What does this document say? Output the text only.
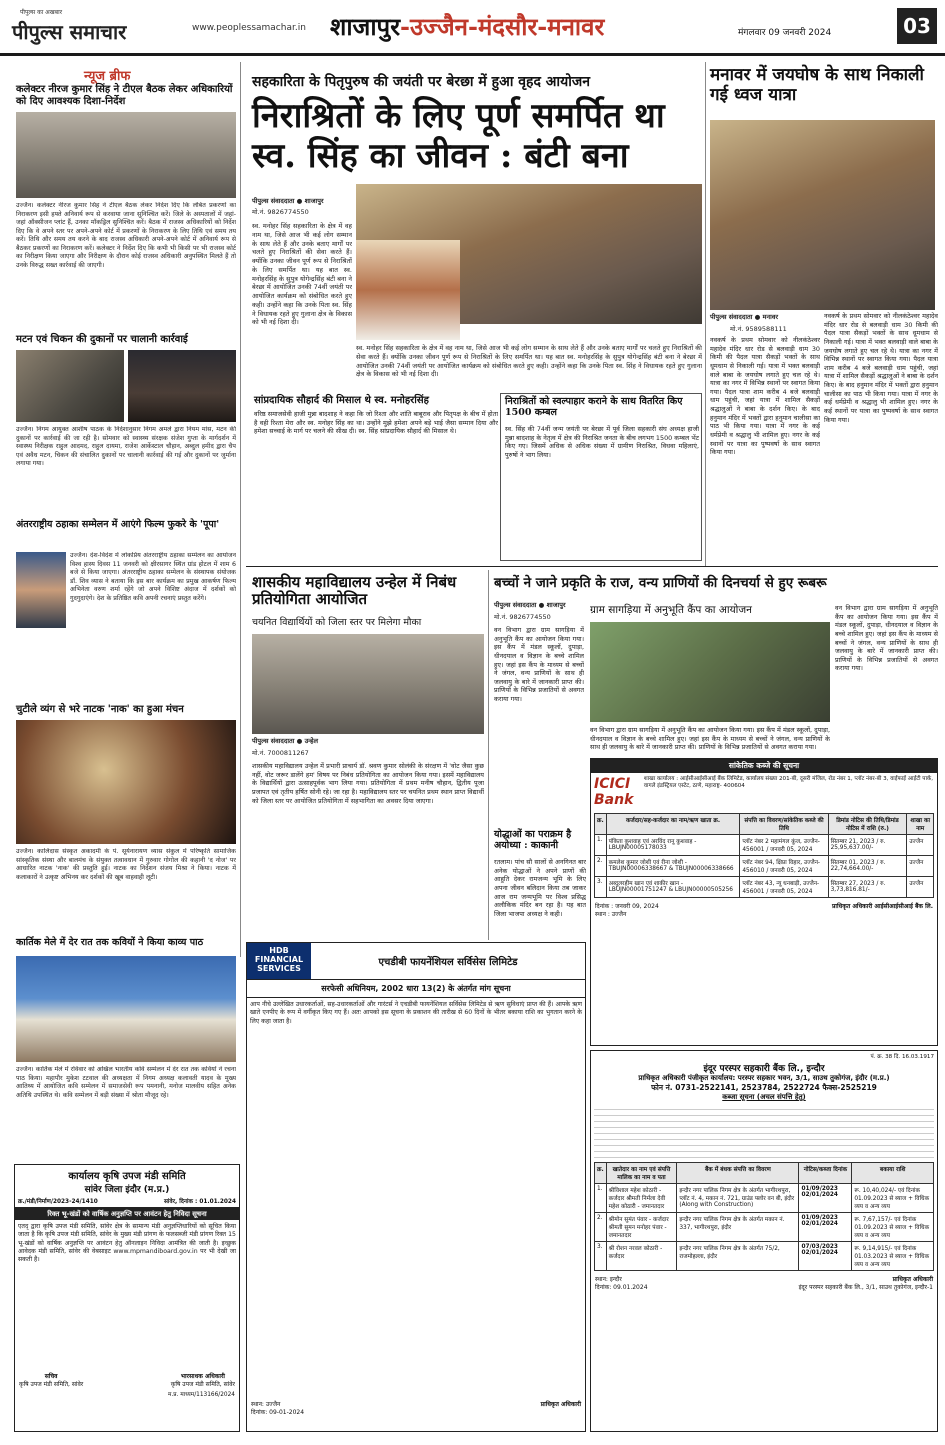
पीपुल्स का अखबार
पीपुल्स समाचार	www.peoplessamachar.in शाजापुर-उज्जैन-मंदसौर-मनावर	मंगलवार 09 जनवरी 2024	03
न्यूज ब्रीफ
कलेक्टर नीरज कुमार सिंह ने टीएल बैठक लेकर अधिकारियों को दिए आवश्यक दिशा-निर्देश
उज्जैन। कलेक्टर नीरज कुमार सिंह ने टीएल बैठक लेकर निर्देश दिए कि लंबित प्रकरणों का निराकरण इसी हफ्ते अनिवार्य रूप से करवाया जाना सुनिश्चित करें। जिले के अस्पतालों में जहां-जहां ऑक्सीजन प्लांट हैं, उनका मॉकड्रिल सुनिश्चित करें। बैठक में राजस्व अधिकारियों को निर्देश दिए कि वे अपने स्तर पर अपने-अपने कोर्ट में प्रकरणों के निराकरण के लिए तिथि एवं समय तय करें। तिथि और समय तय करने के बाद राजस्व अधिकारी अपने-अपने कोर्ट में अनिवार्य रूप से बैठकर प्रकरणों का निराकरण करें। कलेक्टर ने निर्देश दिए कि कभी भी किसी पर भी राजस्व कोर्ट का निरीक्षण किया जाएगा और निरीक्षण के दौरान कोई राजस्व अधिकारी अनुपस्थित मिलते हैं तो उनके विरुद्ध सख्त कार्रवाई की जाएगी।
मटन एवं चिकन की दुकानों पर चालानी कार्रवाई
उज्जैन। निगम आयुक्त आशीष पाठक के निर्देशानुसार निगम अमले द्वारा नियम मांस, मटन की दुकानों पर कार्रवाई की जा रही है। सोमवार को स्वास्थ्य संरक्षक संजेश गुप्ता के मार्गदर्शन में स्वास्थ्य निरीक्षक राहुल आदमद, राहुल दायमा, राजेश आर्केस्टाल चौहान, अब्दुल हमीद द्वारा चैप एवं अवैध मटन, चिकन की संचालित दुकानों पर चालानी कार्रवाई की गई और दुकानों पर जुर्माना लगाया गया।
अंतरराष्ट्रीय ठहाका सम्मेलन में आएंगे फिल्म फुकरे के 'पूपा'
उज्जैन। देश-विदेश में लोकप्रिय अंतरराष्ट्रीय ठहाका सम्मेलन का आयोजन विश्व हास्य दिवस 11 जनवरी को क्षीरसागर स्थित ग्रांड होटल में शाम 6 बजे से किया जाएगा। अंतरराष्ट्रीय ठहाका सम्मेलन के संस्थापक संयोजक डॉ. शिव व्यास ने बताया कि इस बार कार्यक्रम का प्रमुख आकर्षण फिल्म अभिनेता वरुण शर्मा रहेंगे जो अपने विशिष्ट अंदाज में दर्शकों को गुदगुदाएंगे। देश के प्रतिष्ठित कवि अपनी रचनाएं प्रस्तुत करेंगे।
चुटीले व्यंग से भरे नाटक 'नाक' का हुआ मंचन
उज्जैन। कालिदास संस्कृत अकादमी के पं. सूर्यनारायण व्यास संकुल में परिष्कृति सामाजिक सांस्कृतिक संस्था और बालमंच के संयुक्त तत्वावधान में गुरुवार गोगोल की कहानी 'द नोज' पर आधारित नाटक 'नाक' की प्रस्तुति हुई। नाटक का निर्देशन संजय मिश्रा ने किया। नाटक में कलाकारों ने उत्कृष्ट अभिनय कर दर्शकों की खूब वाहवाही लूटी।
कार्तिक मेले में देर रात तक कवियों ने किया काव्य पाठ
उज्जैन। कार्तिक मेले में रविवार को अखिल भारतीय कवि सम्मेलन में देर रात तक कवियों ने रचना पाठ किया। महापौर मुकेश टटवाल की अध्यक्षता में निगम अध्यक्ष कलावती यादव के मुख्य आतिथ्य में आयोजित कवि सम्मेलन में समाजसेवी रूप पमनानी, मनोज मालवीय सहित अनेक अतिथि उपस्थित थे। कवि सम्मेलन में बड़ी संख्या में श्रोता मौजूद रहे।
सहकारिता के पितृपुरुष की जयंती पर बेरछा में हुआ वृहद आयोजन
निराश्रितों के लिए पूर्ण समर्पित था स्व. सिंह का जीवन : बंटी बना
पीपुल्स संवाददाता ● शाजापुर
मो.नं. 9826774550
स्व. मनोहर सिंह सहकारिता के क्षेत्र में वह नाम था, जिसे आज भी कई लोग सम्मान के साथ लेते हैं और उनके बताए मार्गों पर चलते हुए निराश्रितों की सेवा करते हैं। क्योंकि उनका जीवन पूर्ण रूप से निराश्रितों के लिए समर्पित था। यह बात स्व. मनोहरसिंह के सुपुत्र योगेन्द्रसिंह बंटी बना ने बेरछा में आयोजित उनकी 74वीं जयंती पर आयोजित कार्यक्रम को संबोधित करते हुए कही। उन्होंने कहा कि उनके पिता स्व. सिंह ने विधायक रहते हुए गुलाना क्षेत्र के विकास को भी नई दिशा दी।
स्व. मनोहर सिंह सहकारिता के क्षेत्र में वह नाम था, जिसे आज भी कई लोग सम्मान के साथ लेते हैं और उनके बताए मार्गों पर चलते हुए निराश्रितों की सेवा करते हैं। क्योंकि उनका जीवन पूर्ण रूप से निराश्रितों के लिए समर्पित था। यह बात स्व. मनोहरसिंह के सुपुत्र योगेन्द्रसिंह बंटी बना ने बेरछा में आयोजित उनकी 74वीं जयंती पर आयोजित कार्यक्रम को संबोधित करते हुए कही। उन्होंने कहा कि उनके पिता स्व. सिंह ने विधायक रहते हुए गुलाना क्षेत्र के विकास को भी नई दिशा दी।
सांप्रदायिक सौहार्द की मिसाल थे स्व. मनोहरसिंह
वरिष्ठ समाजसेवी हाजी मुन्ना बादशाह ने कहा कि जो रिश्ता और शांति बाबूराव और पितृपक्ष के बीच में होता है वही रिश्ता मेरा और स्व. मनोहर सिंह का था। उन्होंने मुझे हमेशा अपने बड़े भाई जैसा सम्मान दिया और हमेशा सच्चाई के मार्ग पर चलने की सीख दी। स्व. सिंह सांप्रदायिक सौहार्द की मिसाल थे।
निराश्रितों को स्वल्पाहार कराने के साथ वितरित किए 1500 कम्बल
स्व. सिंह की 74वीं जन्म जयंती पर बेरछा में पूर्व जिला सहकारी संघ अध्यक्ष हाजी मुन्ना बादशाह के नेतृत्व में क्षेत्र की निराश्रित जनता के बीच लगभग 1500 कम्बल भेंट किए गए। जिसमें अधिक से अधिक संख्या में ग्रामीण निराश्रित, विधवा महिलाएं, पुरुषों ने भाग लिया।
मनावर में जयघोष के साथ निकाली गई ध्वज यात्रा
पीपुल्स संवाददाता ● मनावर
मो.नं. 9589588111
नवकर्ष के प्रथम सोमवार को नीलकंठेश्वर महादेव मंदिर धार रोड से बलवाड़ी धाम 30 किमी की पैदल यात्रा सैकड़ों भक्तों के साथ धूमधाम से निकाली गई। यात्रा में भक्त बलवाड़ी वाले बाबा के जयघोष लगाते हुए चल रहे थे। यात्रा का नगर में विभिन्न स्थानों पर स्वागत किया गया। पैदल यात्रा शाम करीब 4 बजे बलवाड़ी धाम पहुंची, जहां यात्रा में शामिल सैकड़ों श्रद्धालुओं ने बाबा के दर्शन किए। के बाद हनुमान मंदिर में भक्तों द्वारा हनुमान चालीसा का पाठ भी किया गया। यात्रा में नगर के कई धर्मप्रेमी व श्रद्धालु भी शामिल हुए। नगर के कई स्थानों पर यात्रा का पुष्पवर्षा के साथ स्वागत किया गया।
नवकर्ष के प्रथम सोमवार को नीलकंठेश्वर महादेव मंदिर धार रोड से बलवाड़ी धाम 30 किमी की पैदल यात्रा सैकड़ों भक्तों के साथ धूमधाम से निकाली गई। यात्रा में भक्त बलवाड़ी वाले बाबा के जयघोष लगाते हुए चल रहे थे। यात्रा का नगर में विभिन्न स्थानों पर स्वागत किया गया। पैदल यात्रा शाम करीब 4 बजे बलवाड़ी धाम पहुंची, जहां यात्रा में शामिल सैकड़ों श्रद्धालुओं ने बाबा के दर्शन किए। के बाद हनुमान मंदिर में भक्तों द्वारा हनुमान चालीसा का पाठ भी किया गया। यात्रा में नगर के कई धर्मप्रेमी व श्रद्धालु भी शामिल हुए। नगर के कई स्थानों पर यात्रा का पुष्पवर्षा के साथ स्वागत किया गया।
शासकीय महाविद्यालय उन्हेल में निबंध प्रतियोगिता आयोजित
चयनित विद्यार्थियों को जिला स्तर पर मिलेगा मौका
पीपुल्स संवाददाता ● उन्हेल
मो.नं. 7000811267
शासकीय महाविद्यालय उन्हेल में प्रभारी प्राचार्य डॉ. श्रवण कुमार सोलंकी के संरक्षण में 'वोट जैसा कुछ नहीं, वोट जरूर डालेंगे हम' विषय पर निबंध प्रतियोगिता का आयोजन किया गया। इसमें महाविद्यालय के विद्यार्थियों द्वारा उत्साहपूर्वक भाग लिया गया। प्रतियोगिता में प्रथम मनीष चौहान, द्वितीय पूजा प्रजापत एवं तृतीय हर्षित सोनी रहे। जा रहा है। महाविद्यालय स्तर पर चयनित प्रथम स्थान प्राप्त विद्यार्थी को जिला स्तर पर आयोजित प्रतियोगिता में सहभागिता का अवसर दिया जाएगा।
बच्चों ने जाने प्रकृति के राज, वन्य प्राणियों की दिनचर्या से हुए रूबरू
पीपुल्स संवाददाता ● शाजापुर
मो.नं. 9826774550
ग्राम सागड़िया में अनुभूति कैंप का आयोजन
वन विभाग द्वारा ग्राम सागड़िया में अनुभूति कैंप का आयोजन किया गया। इस कैंप में मंडल स्कूलों, दुपाड़ा, धीनदयाल व विज्ञान के बच्चे शामिल हुए। जहां इस कैंप के माध्यम से बच्चों ने जंगल, वन्य प्राणियों के साथ ही जलवायु के बारे में जानकारी प्राप्त की। प्राणियों के विभिन्न प्रजातियों से अवगत कराया गया।
वन विभाग द्वारा ग्राम सागड़िया में अनुभूति कैंप का आयोजन किया गया। इस कैंप में मंडल स्कूलों, दुपाड़ा, धीनदयाल व विज्ञान के बच्चे शामिल हुए। जहां इस कैंप के माध्यम से बच्चों ने जंगल, वन्य प्राणियों के साथ ही जलवायु के बारे में जानकारी प्राप्त की। प्राणियों के विभिन्न प्रजातियों से अवगत कराया गया।
वन विभाग द्वारा ग्राम सागड़िया में अनुभूति कैंप का आयोजन किया गया। इस कैंप में मंडल स्कूलों, दुपाड़ा, धीनदयाल व विज्ञान के बच्चे शामिल हुए। जहां इस कैंप के माध्यम से बच्चों ने जंगल, वन्य प्राणियों के साथ ही जलवायु के बारे में जानकारी प्राप्त की। प्राणियों के विभिन्न प्रजातियों से अवगत कराया गया।
योद्धाओं का पराक्रम है अयोध्या : काकानी
रतलाम। पांच सौ सालों से अनगिनत बार अनेक योद्धाओं ने अपने प्राणों की आहुति देकर रामजन्म भूमि के लिए अपना जीवन बलिदान किया तब जाकर आज राम जन्मभूमि पर विश्व प्रसिद्ध अलौकिक मंदिर बन रहा है। यह बात जिला भाजपा अध्यक्ष ने कही।
सांकेतिक कब्जे की सूचना
ICICI Bank
शाखा कार्यालय : आईसीआईसीआई बैंक लिमिटेड, कार्यालय संख्या 201-बी, दूसरी मंजिल, रोड नंबर 1, प्लॉट नंबर-बी 3, वाईफाई आईटी पार्क, वागले इंडस्ट्रियल एस्टेट, ठाणे, महाराष्ट्र- 400604
क्र.	कर्जदार/सह-कर्जदार का नाम/ऋण खाता क्र.	संपत्ति का विवरण/सांकेतिक कब्जे की तिथि	डिमांड नोटिस की तिथि/डिमांड नोटिस में राशि (रु.)	शाखा का नाम
1.	पंकिता कुशवाह एवं अरविंद रानू कुशवाह - LBUJN00005178033	प्लॉट नंबर 2 महामंगल कुंज, उज्जैन- 456001 / जनवरी 05, 2024	सितम्बर 21, 2023 / रु. 25,95,637.00/-	उज्जैन
2.	कमलेश कुमार जोशी एवं रीना जोशी - TBUJN00006338667 & TBUJN00006338666	प्लॉट नंबर 94, क्षिप्रा विहार, उज्जैन- 456010 / जनवरी 05, 2024	सितम्बर 01, 2023 / रु. 22,74,664.00/-	उज्जैन
3.	अब्दुलरहीम खान एवं शाकीर खान - LBUJN00001751247 & LBUJN00000505256	प्लॉट नंबर 43, न्यू धनबाड़ी, उज्जैन- 456001 / जनवरी 05, 2024	सितम्बर 27, 2023 / रु. 3,73,816.81/-	उज्जैन
दिनांक : जनवरी 09, 2024
स्थान : उज्जैन
प्राधिकृत अधिकारी आईसीआईसीआई बैंक लि.
HDB FINANCIAL SERVICES
एचडीबी फायनेंशियल सर्विसेस लिमिटेड
सरफेसी अधिनियम, 2002 धारा 13(2) के अंतर्गत मांग सूचना
आप नीचे उल्लेखित उधारकर्ताओं, सह-उधारकर्ताओं और गारंटर्स ने एचडीबी फायनेंशियल सर्विसेस लिमिटेड से ऋण सुविधाएं प्राप्त की हैं। आपके ऋण खाते एनपीए के रूप में वर्गीकृत किए गए हैं। अतः आपको इस सूचना के प्रकाशन की तारीख से 60 दिनों के भीतर बकाया राशि का भुगतान करने के लिए कहा जाता है।
स्थान: उज्जैन
दिनांक: 09-01-2024
प्राधिकृत अधिकारी
कार्यालय कृषि उपज मंडी समिति
सांवेर जिला इंदौर (म.प्र.)
क्र./मंडी/निर्माण/2023-24/1410	सांवेर, दिनांक : 01.01.2024
रिक्त भू-खंडों को वार्षिक अनुज्ञप्ति पर आवंटन हेतु निविदा सूचना
एतद् द्वारा कृषि उपज मंडी समिति, सांवेर क्षेत्र के सामान्य मंडी अनुज्ञप्तिधारियों को सूचित किया जाता है कि कृषि उपज मंडी समिति, सांवेर के मुख्य मंडी प्रांगण के फलसब्जी मंडी प्रांगण रिक्त 15 भू-खंडों को वार्षिक अनुज्ञप्ति पर आवंटन हेतु ऑनलाइन निविदा आमंत्रित की जाती है। इच्छुक आवेदक मंडी समिति, सांवेर की वेबसाइट www.mpmandiboard.gov.in पर भी देखी जा सकती है।
सचिव
कृषि उपज मंडी समिति, सांवेर
भारसाधक अधिकारी
कृषि उपज मंडी समिति, सांवेर
म.प्र. माध्यम/113166/2024
पं. क्र. 38 दि. 16.03.1917
इंदूर परस्पर सहकारी बैंक लि., इन्दौर
प्राधिकृत अधिकारी पंजीकृत कार्यालय: परस्पर सहकार भवन, 3/1, साउथ तुकोगंज, इंदौर (म.प्र.)
फोन नं. 0731-2522141, 2523784, 2522724 फैक्स-2525219
कब्जा सूचना (अचल संपत्ति हेतु)
क्र.	खातेदार का नाम एवं संपत्ति मालिक का नाम व पता	बैंक में बंधक संपत्ति का विवरण	नोटिस/कब्जा दिनांक	बकाया राशि
1.	श्रीविशाल महेश कोठारी - कर्जदार श्रीमती निर्मला देवी महेश कोठारी - जमानतदार	इन्दौर नगर पालिक निगम क्षेत्र के अंतर्गत भागीरथपुरा, प्लॉट नं. 4, मकान नं. 721, ग्राउंड फ्लोर वन बी, इंदौर (Along with Construction)	01/09/2023 02/01/2024	रू. 10,40,024/- एवं दिनांक 01.09.2023 से ब्याज + विधिक व्यय व अन्य व्यय
2.	श्रीमोन सुमंत पंवार - कर्जदार श्रीमती सुमन मनोहर पंवार - जमानतदार	इन्दौर नगर पालिक निगम क्षेत्र के अंतर्गत मकान नं. 337, भागीरथपुरा, इंदौर	01/09/2023 02/01/2024	रू. 7,67,157/- एवं दिनांक 01.09.2023 से ब्याज + विधिक व्यय व अन्य व्यय
3.	श्री रोशन नरवल कोठारी - कर्जदार	इन्दौर नगर पालिक निगम क्षेत्र के अंतर्गत 75/2, राजमोहल्ला, इंदौर	07/03/2023 02/01/2024	रू. 9,14,915/- एवं दिनांक 01.03.2023 से ब्याज + विधिक व्यय व अन्य व्यय
स्थान: इन्दौर
दिनांक: 09.01.2024
प्राधिकृत अधिकारी
इंदूर परस्पर सहकारी बैंक लि., 3/1, साउथ तुकोगंज, इन्दौर-1
